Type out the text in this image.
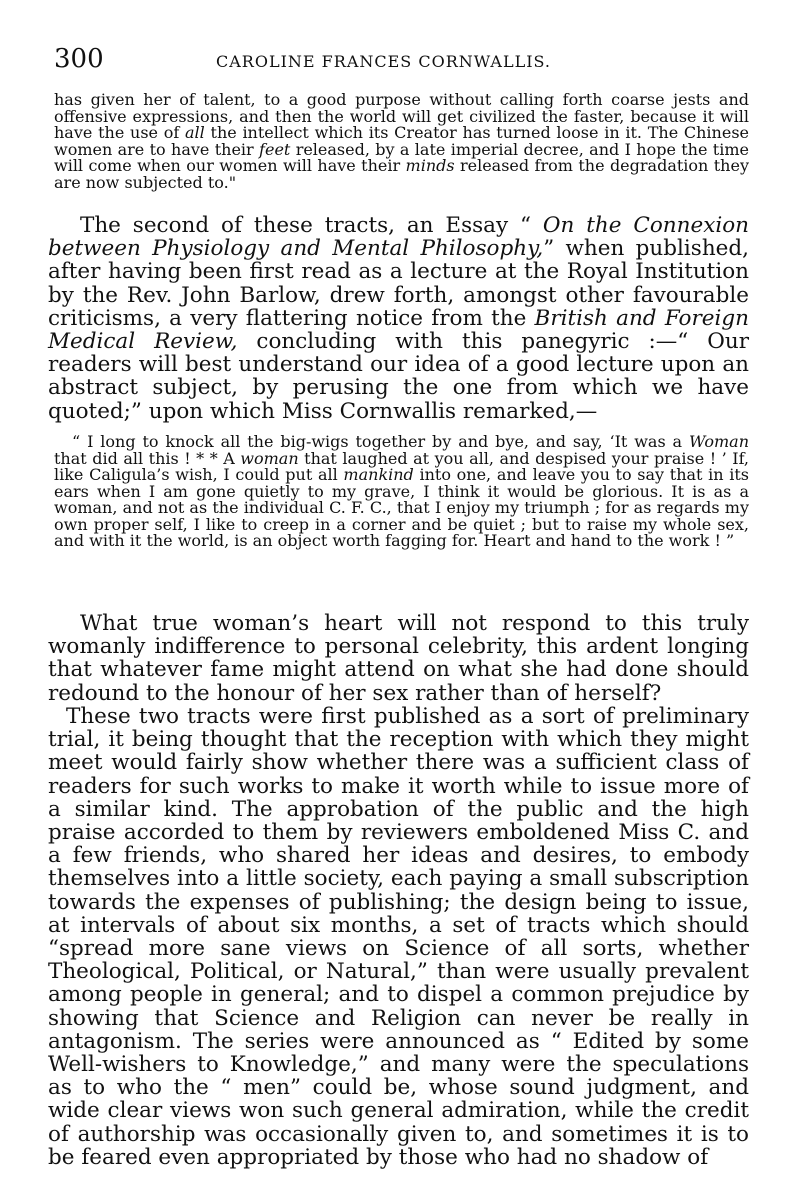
300	CAROLINE FRANCES CORNWALLIS.

has given her of talent, to a good purpose without calling forth coarse jests and offensive expressions, and then the world will get civilized the faster, because it will have the use of all the intellect which its Creator has turned loose in it. The Chinese women are to have their feet released, by a late imperial decree, and I hope the time will come when our women will have their minds released from the degradation they are now subjected to."

The second of these tracts, an Essay “ On the Connexion between Physiology and Mental Philosophy,” when published, after having been first read as a lecture at the Royal Institution by the Rev. John Barlow, drew forth, amongst other favourable criticisms, a very flattering notice from the British and Foreign Medical Review, concluding with this panegyric :—“ Our readers will best understand our idea of a good lecture upon an abstract subject, by perusing the one from which we have quoted;” upon which Miss Cornwallis remarked,—

“ I long to knock all the big-wigs together by and bye, and say, ‘It was a Woman that did all this ! * * A woman that laughed at you all, and despised your praise ! ’ If, like Caligula’s wish, I could put all mankind into one, and leave you to say that in its ears when I am gone quietly to my grave, I think it would be glorious. It is as a woman, and not as the individual C. F. C., that I enjoy my triumph ; for as regards my own proper self, I like to creep in a corner and be quiet ; but to raise my whole sex, and with it the world, is an object worth fagging for. Heart and hand to the work ! ”

What true woman’s heart will not respond to this truly womanly indifference to personal celebrity, this ardent longing that whatever fame might attend on what she had done should redound to the honour of her sex rather than of herself?

These two tracts were first published as a sort of preliminary trial, it being thought that the reception with which they might meet would fairly show whether there was a sufficient class of readers for such works to make it worth while to issue more of a similar kind. The approbation of the public and the high praise accorded to them by reviewers emboldened Miss C. and a few friends, who shared her ideas and desires, to embody themselves into a little society, each paying a small subscription towards the expenses of publishing; the design being to issue, at intervals of about six months, a set of tracts which should “spread more sane views on Science of all sorts, whether Theological, Political, or Natural,” than were usually prevalent among people in general; and to dispel a common prejudice by showing that Science and Religion can never be really in antagonism. The series were announced as “ Edited by some Well-wishers to Knowledge,” and many were the speculations as to who the “ men” could be, whose sound judgment, and wide clear views won such general admiration, while the credit of authorship was occasionally given to, and sometimes it is to be feared even appropriated by those who had no shadow of
